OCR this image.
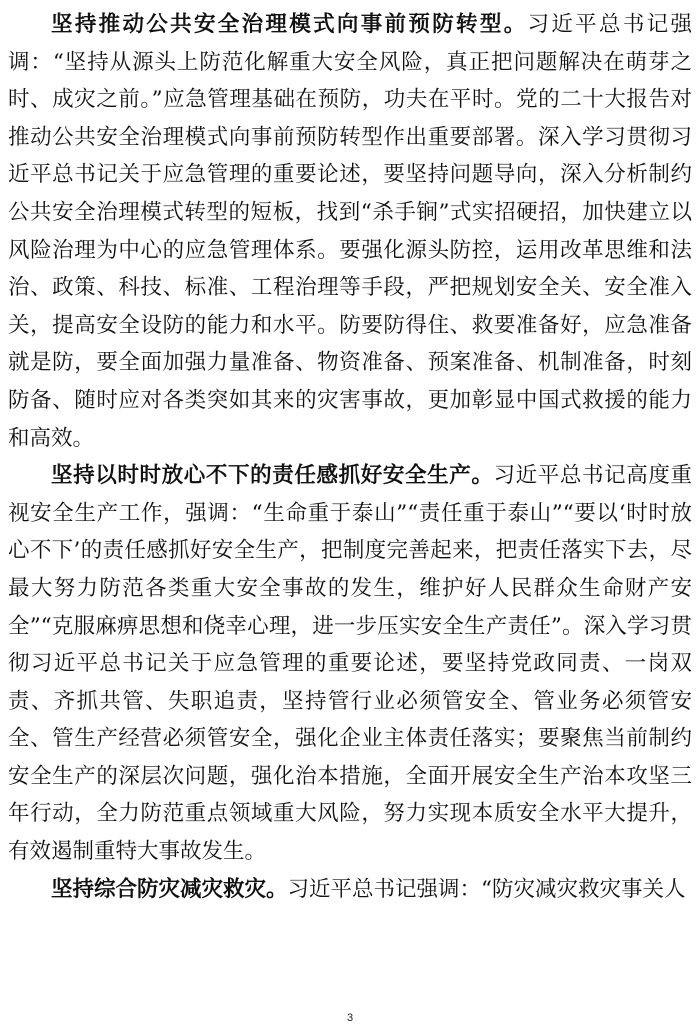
坚持推动公共安全治理模式向事前预防转型。习近平总书记强调：“坚持从源头上防范化解重大安全风险，真正把问题解决在萌芽之时、成灾之前。”应急管理基础在预防，功夫在平时。党的二十大报告对推动公共安全治理模式向事前预防转型作出重要部署。深入学习贯彻习近平总书记关于应急管理的重要论述，要坚持问题导向，深入分析制约公共安全治理模式转型的短板，找到“杀手锏”式实招硬招，加快建立以风险治理为中心的应急管理体系。要强化源头防控，运用改革思维和法治、政策、科技、标准、工程治理等手段，严把规划安全关、安全准入关，提高安全设防的能力和水平。防要防得住、救要准备好，应急准备就是防，要全面加强力量准备、物资准备、预案准备、机制准备，时刻防备、随时应对各类突如其来的灾害事故，更加彰显中国式救援的能力和高效。

坚持以时时放心不下的责任感抓好安全生产。习近平总书记高度重视安全生产工作，强调：“生命重于泰山”“责任重于泰山”“要以‘时时放心不下’的责任感抓好安全生产，把制度完善起来，把责任落实下去，尽最大努力防范各类重大安全事故的发生，维护好人民群众生命财产安全”“克服麻痹思想和侥幸心理，进一步压实安全生产责任”。深入学习贯彻习近平总书记关于应急管理的重要论述，要坚持党政同责、一岗双责、齐抓共管、失职追责，坚持管行业必须管安全、管业务必须管安全、管生产经营必须管安全，强化企业主体责任落实；要聚焦当前制约安全生产的深层次问题，强化治本措施，全面开展安全生产治本攻坚三年行动，全力防范重点领域重大风险，努力实现本质安全水平大提升，有效遏制重特大事故发生。

坚持综合防灾减灾救灾。习近平总书记强调：“防灾减灾救灾事关人

3
